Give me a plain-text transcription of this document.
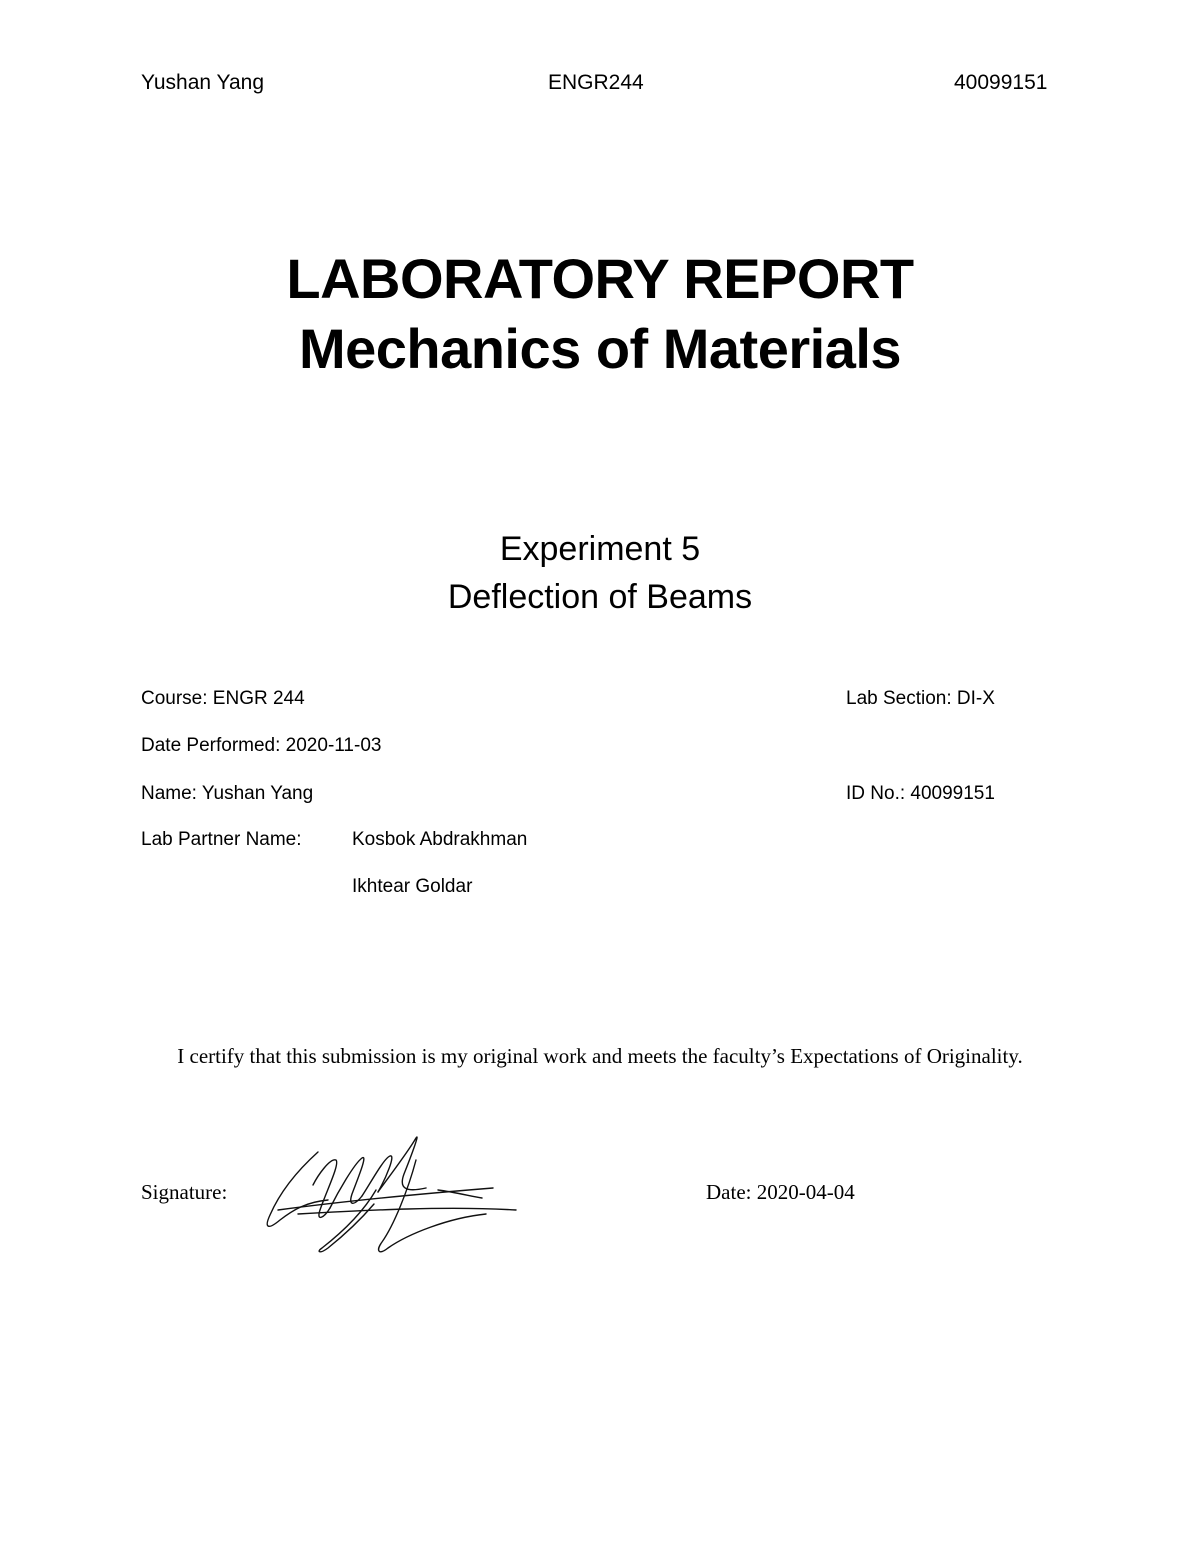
Yushan Yang	ENGR244	40099151
LABORATORY REPORT
Mechanics of Materials
Experiment 5
Deflection of Beams
Course: ENGR 244	Lab Section: DI-X
Date Performed: 2020-11-03
Name: Yushan Yang	ID No.: 40099151
Lab Partner Name:	Kosbok Abdrakhman
Ikhtear Goldar
I certify that this submission is my original work and meets the faculty’s Expectations of Originality.
Signature:	Date: 2020-04-04
